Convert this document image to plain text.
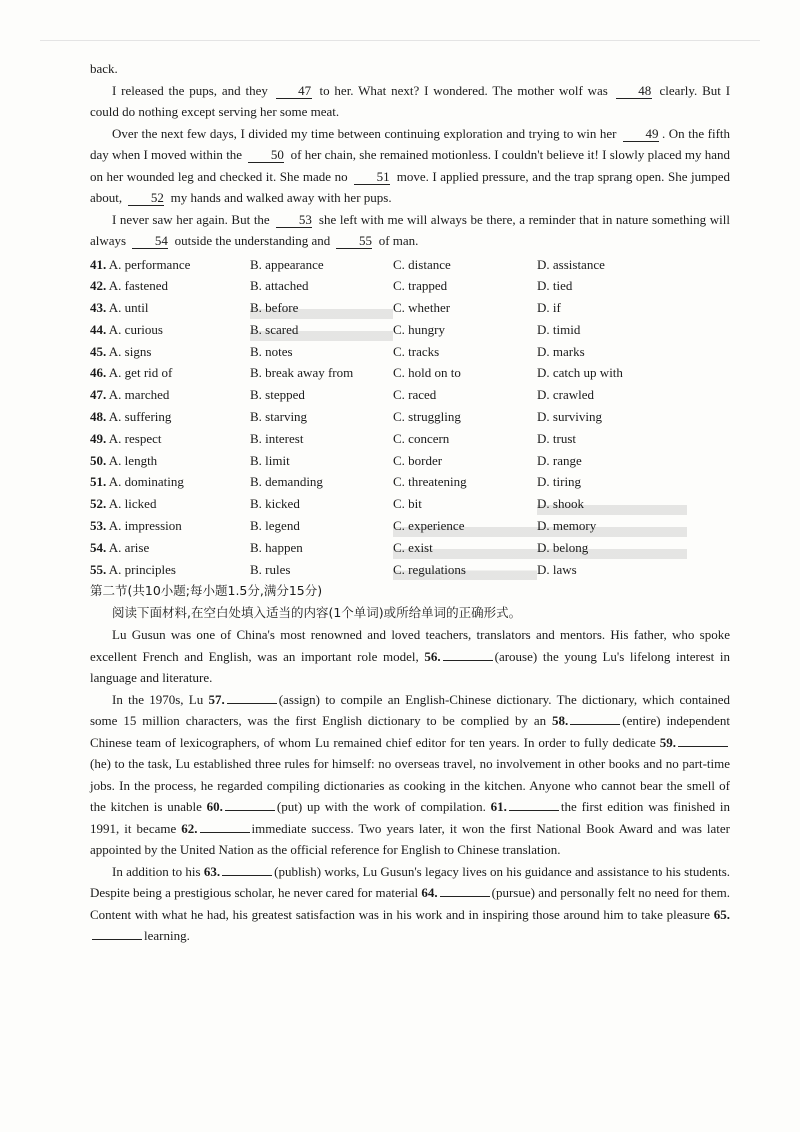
back.

I released the pups, and they 47 to her. What next? I wondered. The mother wolf was 48 clearly. But I could do nothing except serving her some meat.

Over the next few days, I divided my time between continuing exploration and trying to win her 49 . On the fifth day when I moved within the 50 of her chain, she remained motionless. I couldn't believe it! I slowly placed my hand on her wounded leg and checked it. She made no 51 move. I applied pressure, and the trap sprang open. She jumped about, 52 my hands and walked away with her pups.

I never saw her again. But the 53 she left with me will always be there, a reminder that in nature something will always 54 outside the understanding and 55 of man.

41. A. performance	B. appearance	C. distance	D. assistance
42. A. fastened	B. attached	C. trapped	D. tied
43. A. until	B. before	C. whether	D. if
44. A. curious	B. scared	C. hungry	D. timid
45. A. signs	B. notes	C. tracks	D. marks
46. A. get rid of	B. break away from	C. hold on to	D. catch up with
47. A. marched	B. stepped	C. raced	D. crawled
48. A. suffering	B. starving	C. struggling	D. surviving
49. A. respect	B. interest	C. concern	D. trust
50. A. length	B. limit	C. border	D. range
51. A. dominating	B. demanding	C. threatening	D. tiring
52. A. licked	B. kicked	C. bit	D. shook
53. A. impression	B. legend	C. experience	D. memory
54. A. arise	B. happen	C. exist	D. belong
55. A. principles	B. rules	C. regulations	D. laws
第二节(共10小题;每小题1.5分,满分15分)
阅读下面材料,在空白处填入适当的内容(1个单词)或所给单词的正确形式。

Lu Gusun was one of China's most renowned and loved teachers, translators and mentors. His father, who spoke excellent French and English, was an important role model, 56.	(arouse) the young Lu's lifelong interest in language and literature.

In the 1970s, Lu 57.	(assign) to compile an English-Chinese dictionary. The dictionary, which contained some 15 million characters, was the first English dictionary to be complied by an 58.	(entire) independent Chinese team of lexicographers, of whom Lu remained chief editor for ten years. In order to fully dedicate 59.(he) to the task, Lu established three rules for himself: no overseas travel, no involvement in other books and no part-time jobs. In the process, he regarded compiling dictionaries as cooking in the kitchen. Anyone who cannot bear the smell of the kitchen is unable 60.	(put) up with the work of compilation. 61.	the first edition was finished in 1991, it became 62.	immediate success. Two years later, it won the first National Book Award and was later appointed by the United Nation as the official reference for English to Chinese translation.

In addition to his 63.	(publish) works, Lu Gusun's legacy lives on his guidance and assistance to his students. Despite being a prestigious scholar, he never cared for material 64.	(pursue) and personally felt no need for them. Content with what he had, his greatest satisfaction was in his work and in inspiring those around him to take pleasure 65.learning.
